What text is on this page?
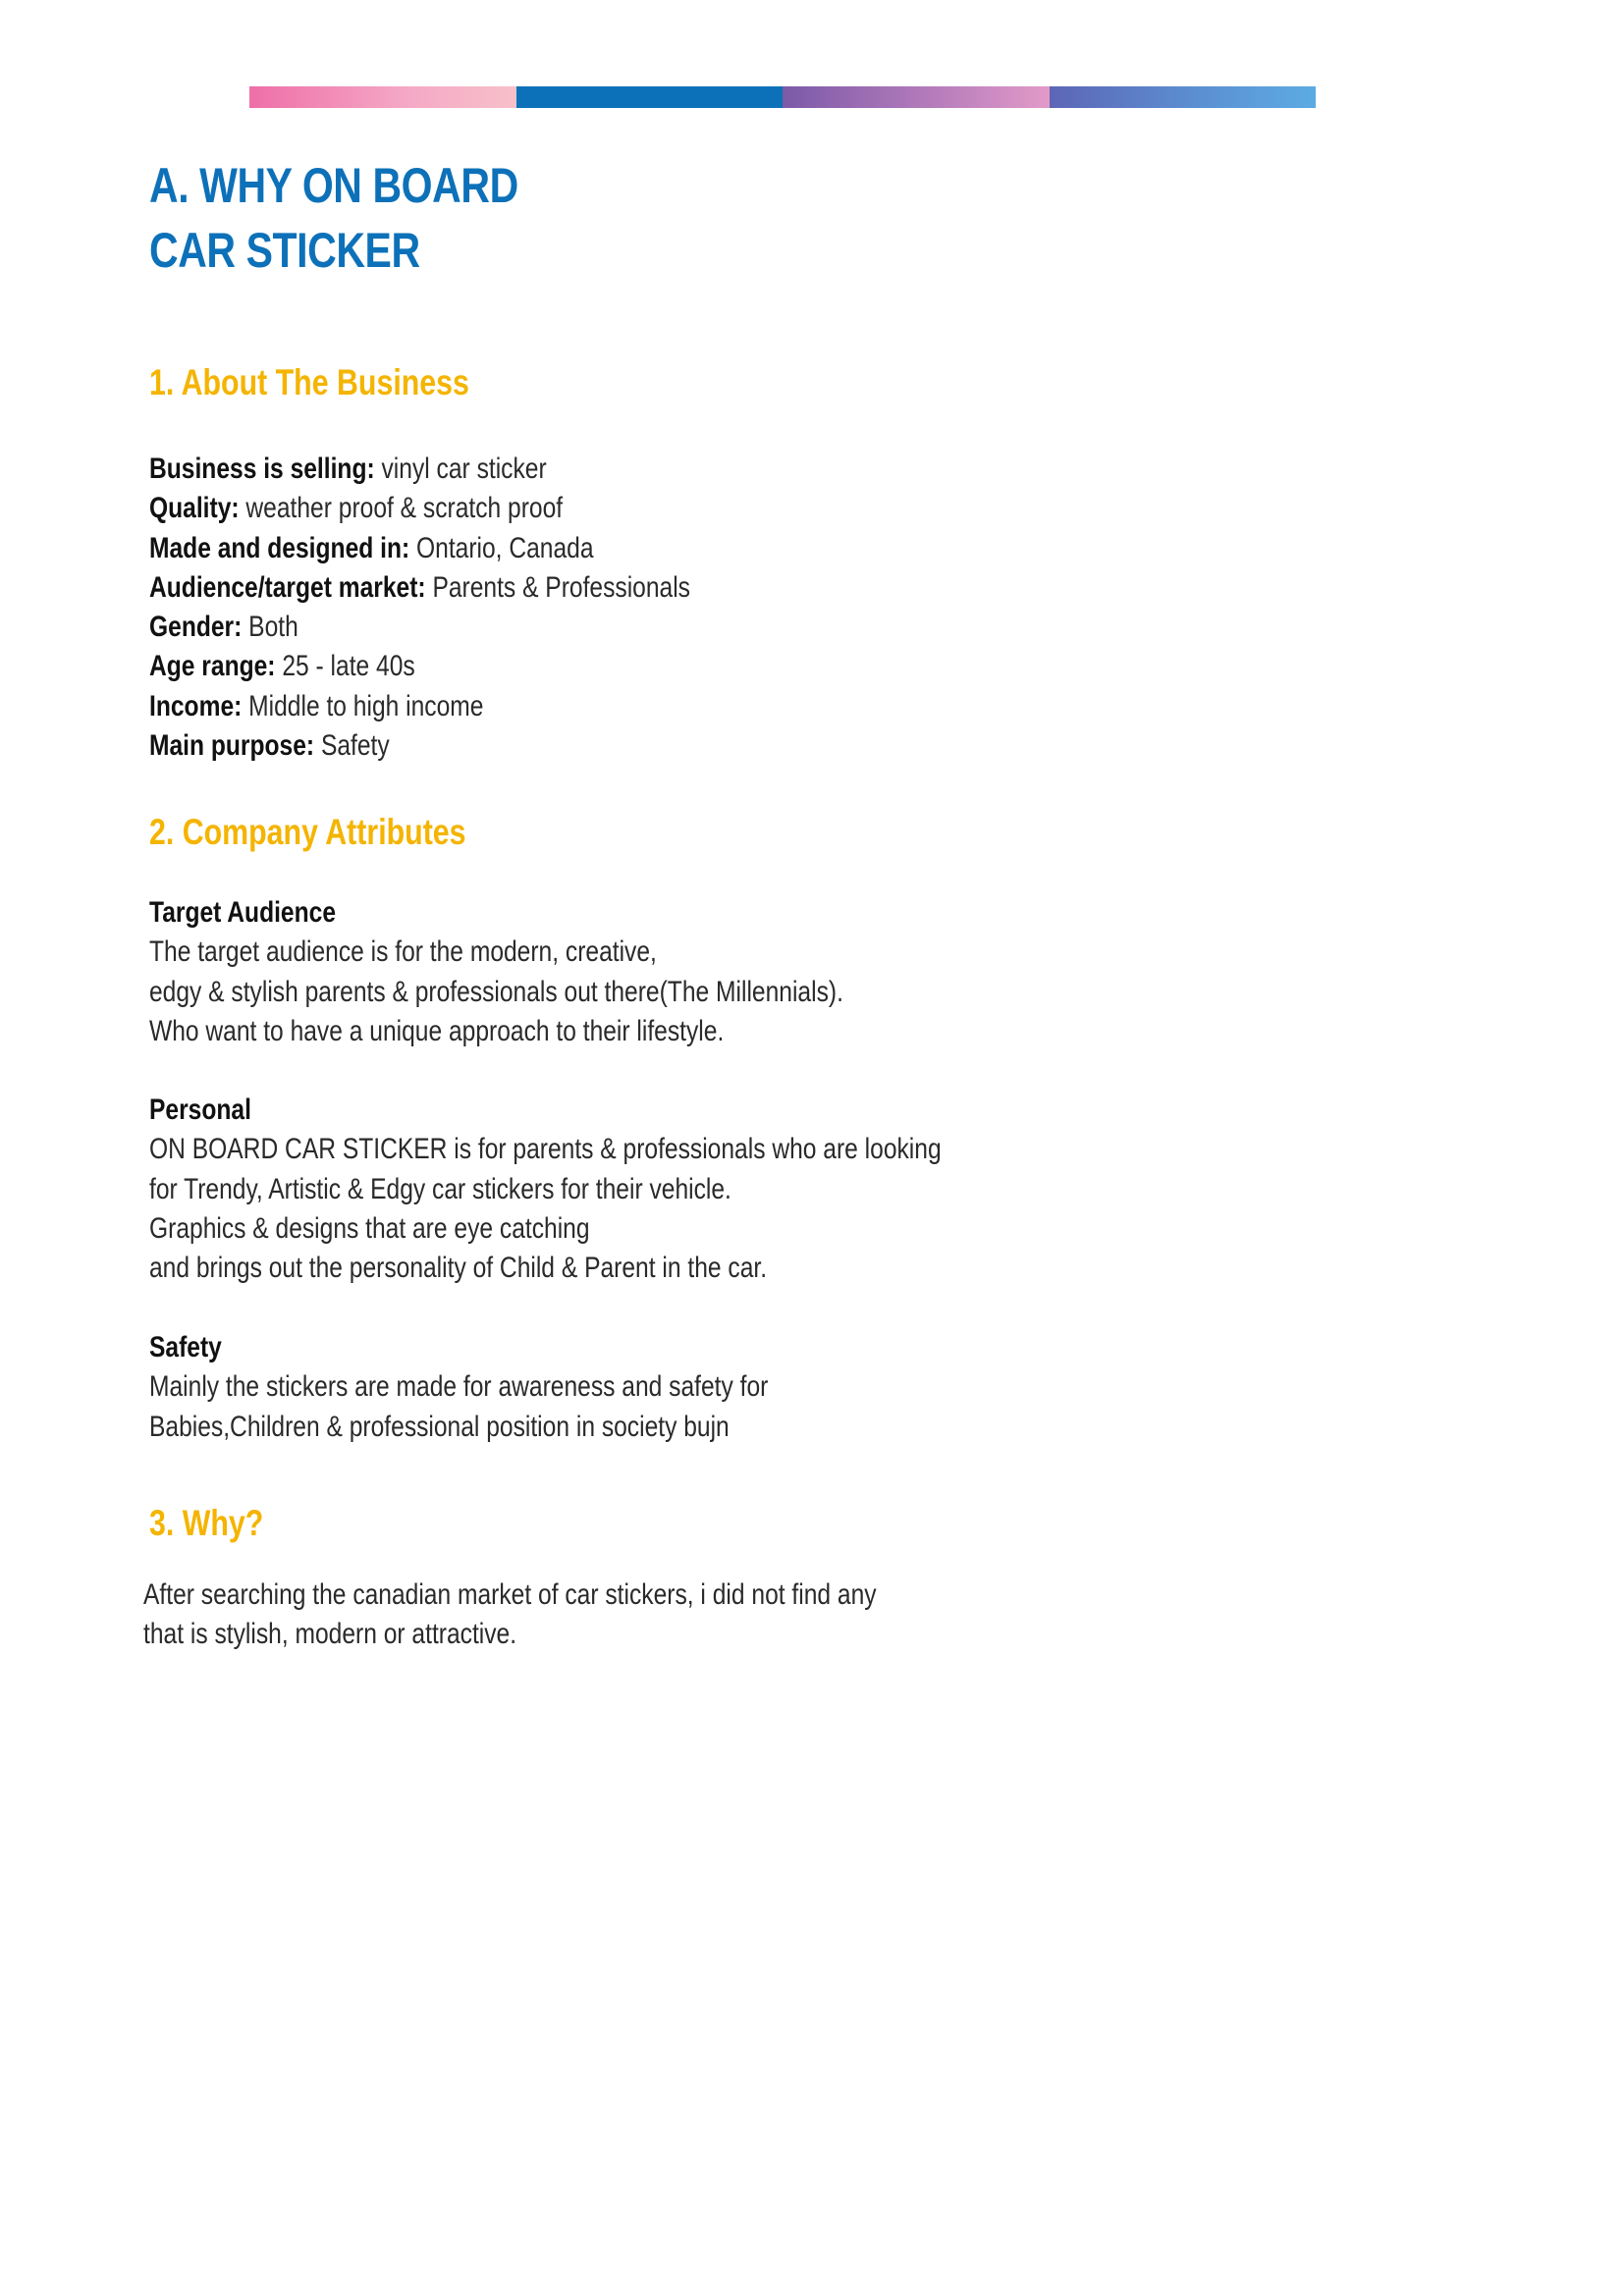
A. WHY ON BOARD
CAR STICKER
1. About The Business
Business is selling: vinyl car sticker
Quality: weather proof & scratch proof
Made and designed in: Ontario, Canada
Audience/target market: Parents & Professionals
Gender: Both
Age range: 25 - late 40s
Income: Middle to high income
Main purpose: Safety
2. Company Attributes
Target Audience
The target audience is for the modern, creative,
edgy & stylish parents & professionals out there(The Millennials).
Who want to have a unique approach to their lifestyle.
Personal
ON BOARD CAR STICKER is for parents & professionals who are looking
for Trendy, Artistic & Edgy car stickers for their vehicle.
Graphics & designs that are eye catching
and brings out the personality of Child & Parent in the car.
Safety
Mainly the stickers are made for awareness and safety for
Babies,Children & professional position in society bujn
3. Why?
After searching the canadian market of car stickers, i did not find any
that is stylish, modern or attractive.
